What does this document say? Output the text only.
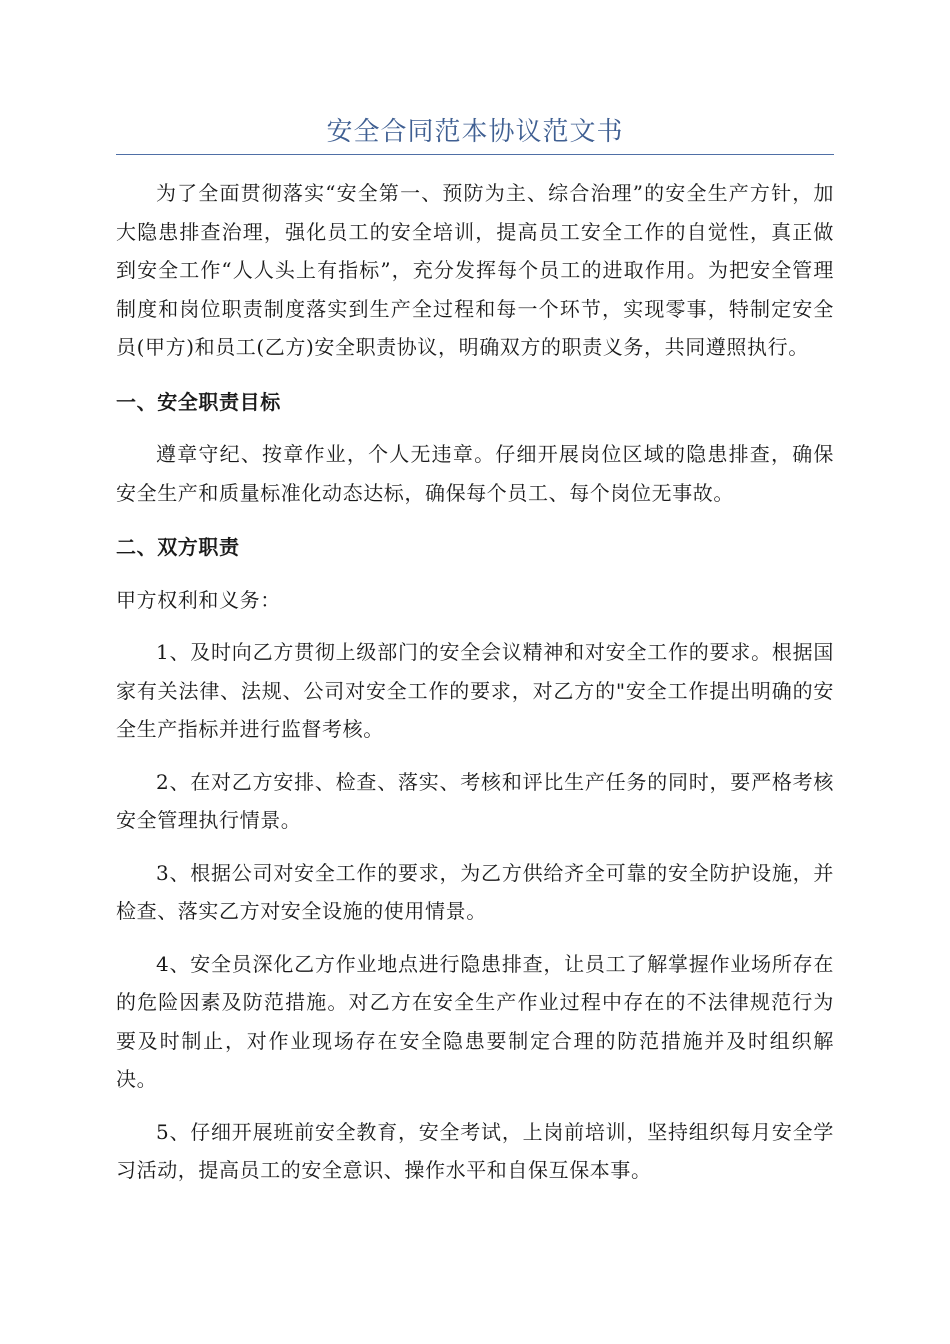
安全合同范本协议范文书

为了全面贯彻落实“安全第一、预防为主、综合治理”的安全生产方针，加大隐患排查治理，强化员工的安全培训，提高员工安全工作的自觉性，真正做到安全工作“人人头上有指标”，充分发挥每个员工的进取作用。为把安全管理制度和岗位职责制度落实到生产全过程和每一个环节，实现零事，特制定安全员(甲方)和员工(乙方)安全职责协议，明确双方的职责义务，共同遵照执行。

一、安全职责目标

遵章守纪、按章作业，个人无违章。仔细开展岗位区域的隐患排查，确保安全生产和质量标准化动态达标，确保每个员工、每个岗位无事故。

二、双方职责

甲方权利和义务：

1、及时向乙方贯彻上级部门的安全会议精神和对安全工作的要求。根据国家有关法律、法规、公司对安全工作的要求，对乙方的"安全工作提出明确的安全生产指标并进行监督考核。

2、在对乙方安排、检查、落实、考核和评比生产任务的同时，要严格考核安全管理执行情景。

3、根据公司对安全工作的要求，为乙方供给齐全可靠的安全防护设施，并检查、落实乙方对安全设施的使用情景。

4、安全员深化乙方作业地点进行隐患排查，让员工了解掌握作业场所存在的危险因素及防范措施。对乙方在安全生产作业过程中存在的不法律规范行为要及时制止，对作业现场存在安全隐患要制定合理的防范措施并及时组织解决。

5、仔细开展班前安全教育，安全考试，上岗前培训，坚持组织每月安全学习活动，提高员工的安全意识、操作水平和自保互保本事。
